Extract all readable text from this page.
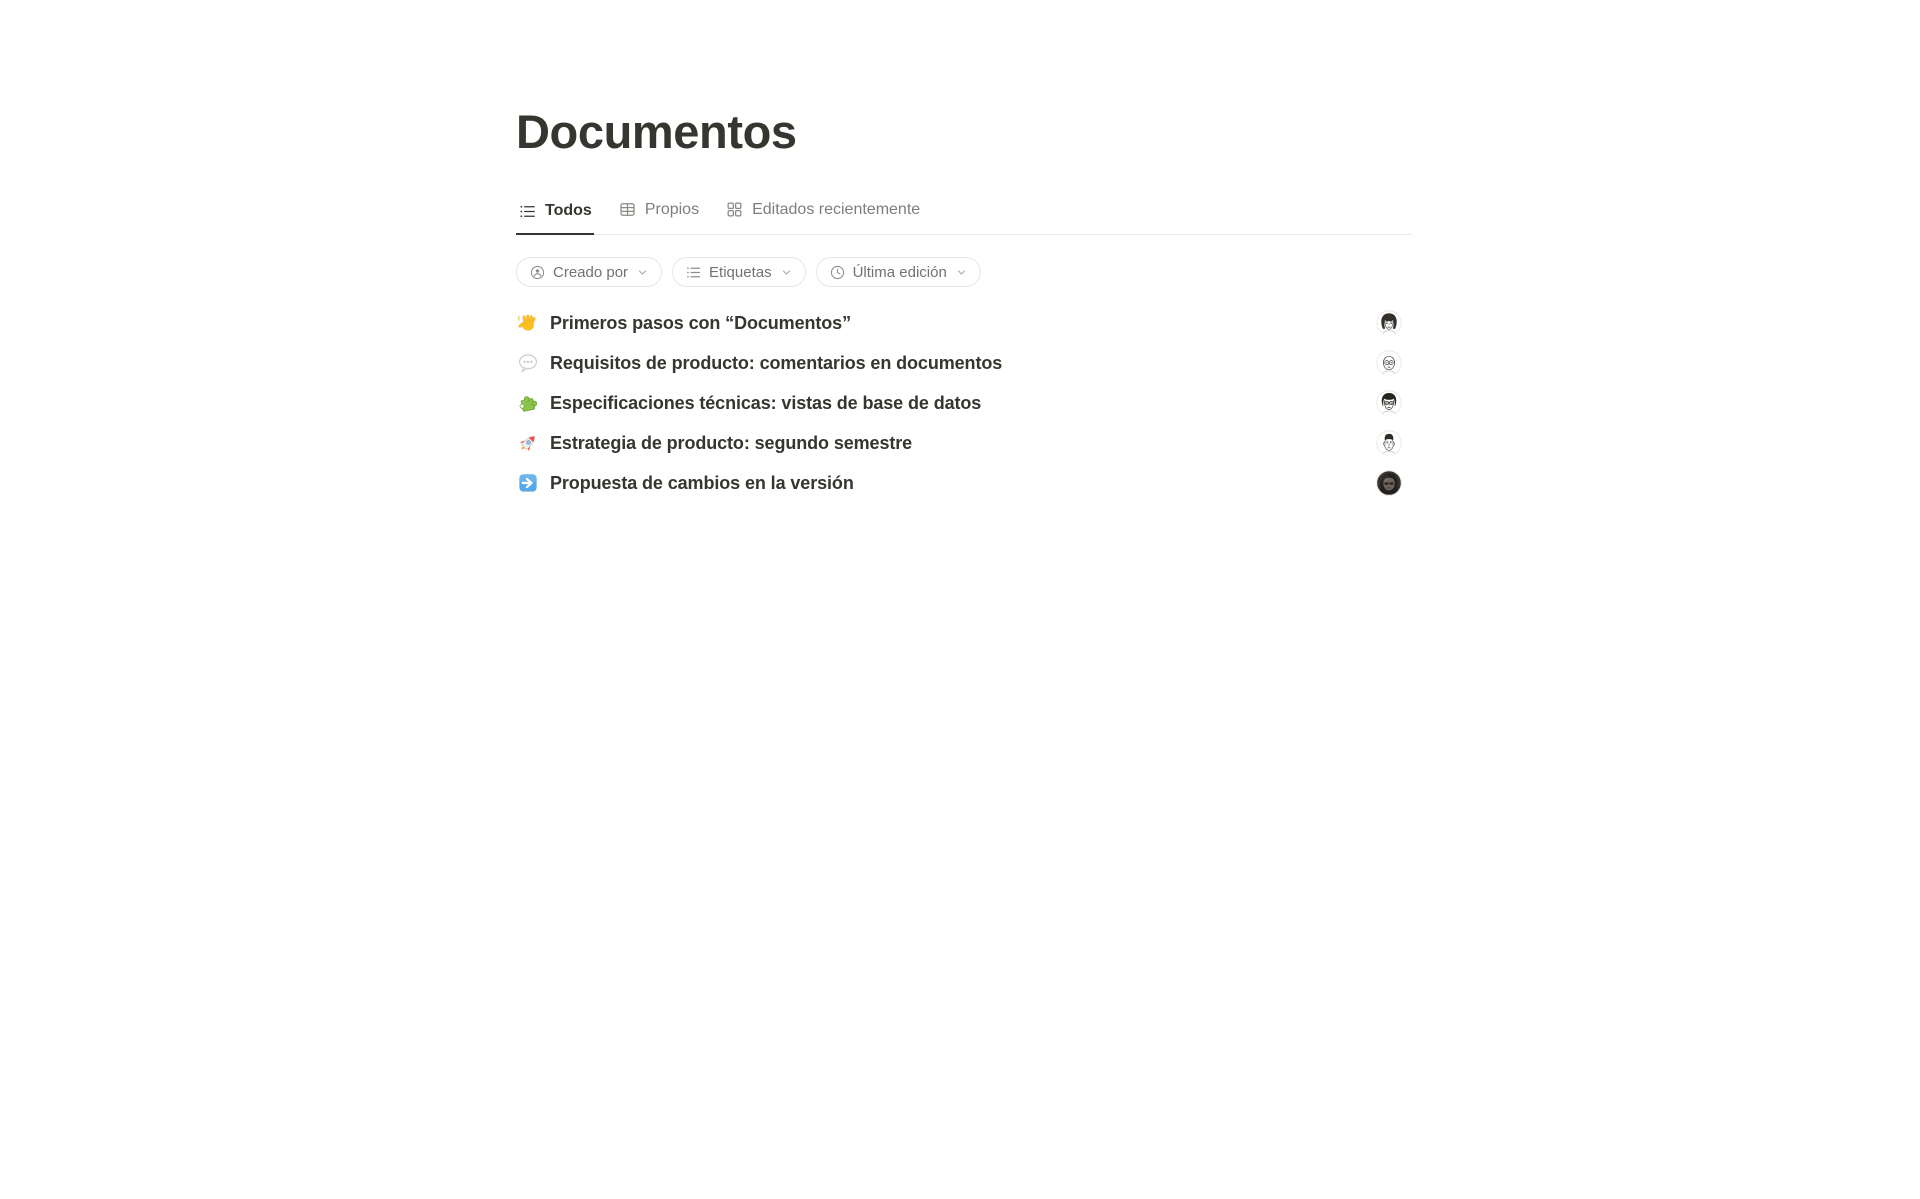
Documentos
Todos	Propios	Editados recientemente
Creado por	Etiquetas	Última edición
Primeros pasos con “Documentos”
Requisitos de producto: comentarios en documentos
Especificaciones técnicas: vistas de base de datos
Estrategia de producto: segundo semestre
Propuesta de cambios en la versión
